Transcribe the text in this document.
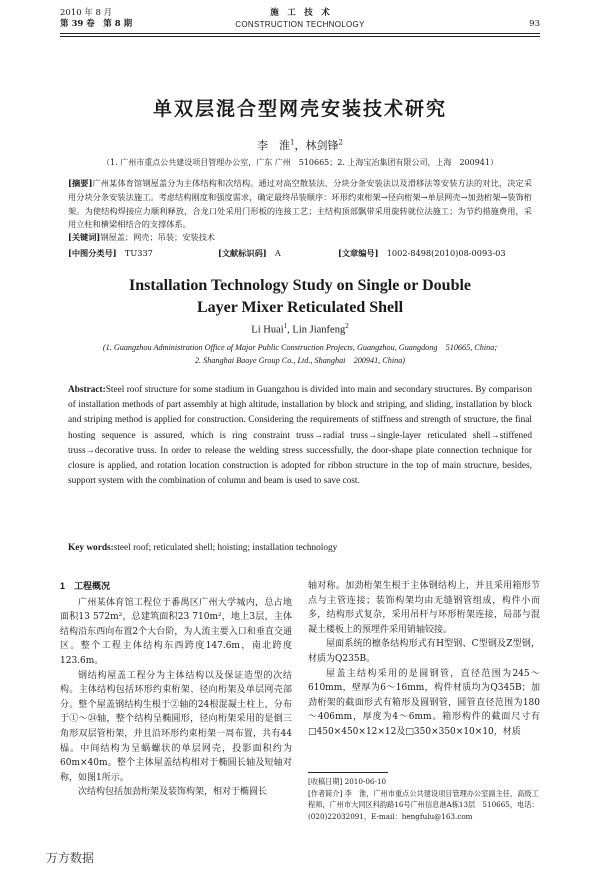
2010 年 8 月
第 39 卷　第 8 期
施　工　技　术
CONSTRUCTION TECHNOLOGY	93
单双层混合型网壳安装技术研究
李　淮$^1$，林剑锋$^2$
（1. 广州市重点公共建设项目管理办公室，广东 广州　510665；2. 上海宝冶集团有限公司，上海　200941）
[摘要]广州某体育馆钢屋盖分为主体结构和次结构。通过对高空散装法、分块分条安装法以及滑移法等安装方法的对比，决定采用分块分条安装法施工。考虑结构刚度和强度需求，确定最终吊装顺序：环形约束桁架→径向桁架→单层网壳→加劲桁架→装饰桁架。为使结构焊接应力顺利释放，合龙口处采用门形板的连接工艺；主结构顶部飘带采用旋转就位法施工；为节约措施费用，采用立柱和横梁相结合的支撑体系。
[关键词]钢屋盖；网壳；吊装；安装技术
[中图分类号]　 TU337	[文献标识码]　 A	[文章编号]　 1002-8498(2010)08-0093-03
Installation Technology Study on Single or Double
Layer Mixer Reticulated Shell
Li Huai$^1$, Lin Jianfeng$^2$
(1. Guangzhou Administration Office of Major Public Construction Projects, Guangzhou, Guangdong　510665, China;
2. Shanghai Baoye Group Co., Ltd., Shanghai　200941, China)
Abstract:Steel roof structure for some stadium in Guangzhou is divided into main and secondary structures. By comparison of installation methods of part assembly at high altitude, installation by block and striping, and sliding, installation by block and striping method is applied for construction. Considering the requirements of stiffness and strength of structure, the final hosting sequence is assured, which is ring constraint truss→radial truss→single-layer reticulated shell→stiffened truss→decorative truss. In order to release the welding stress successfully, the door-shape plate connection technique for closure is applied, and rotation location construction is adopted for ribbon structure in the top of main structure, besides, support system with the combination of column and beam is used to save cost.
Key words:steel roof; reticulated shell; hoisting; installation technology
1　工程概况

广州某体育馆工程位于番禺区广州大学城内，总占地面积13 572m²，总建筑面积23 710m²，地上3层，主体结构沿东西向布置2个大台阶，为人流主要入口和垂直交通区。整个工程主体结构东西跨度147.6m，南北跨度123.6m。

钢结构屋盖工程分为主体结构以及保证造型的次结构。主体结构包括环形约束桁架、径向桁架及单层网壳部分。整个屋盖钢结构生根于②轴的24根混凝土柱上，分布于①～㉔轴，整个结构呈椭圆形，径向桁架采用的是倒三角形双层管桁架，并且沿环形约束桁架一周布置，共有44榀。中间结构为呈蜗螺状的单层网壳，投影面积约为60m×40m。整个主体屋盖结构相对于椭圆长轴及短轴对称，如图1所示。

次结构包括加劲桁架及装饰构架，相对于椭圆长

轴对称。加劲桁架生根于主体钢结构上，并且采用箱形节点与主管连接；装饰构架均由无缝钢管组成，构件小而多，结构形式复杂，采用吊杆与环形桁架连接，局部与混凝土楼板上的预埋件采用销轴铰接。

屋面系统的檩条结构形式有H型钢、C型钢及Z型钢，材质为Q235B。

屋盖主结构采用的是圆钢管，直径范围为245～610mm，壁厚为6～16mm，构件材质均为Q345B；加劲桁架的截面形式有箱形及圆钢管，圆管直径范围为180～406mm，厚度为4～6mm。箱形构件的截面尺寸有□450×450×12×12及□350×350×10×10，材质

[收稿日期] 2010-06-10
[作者简介] 李　淮，广州市重点公共建设项目管理办公室副主任，高级工程师，广州市大同区科韵路16号广州信息港A栋13层　510665，电话：(020)22032091，E-mail：hengfulu@163.com
万方数据
